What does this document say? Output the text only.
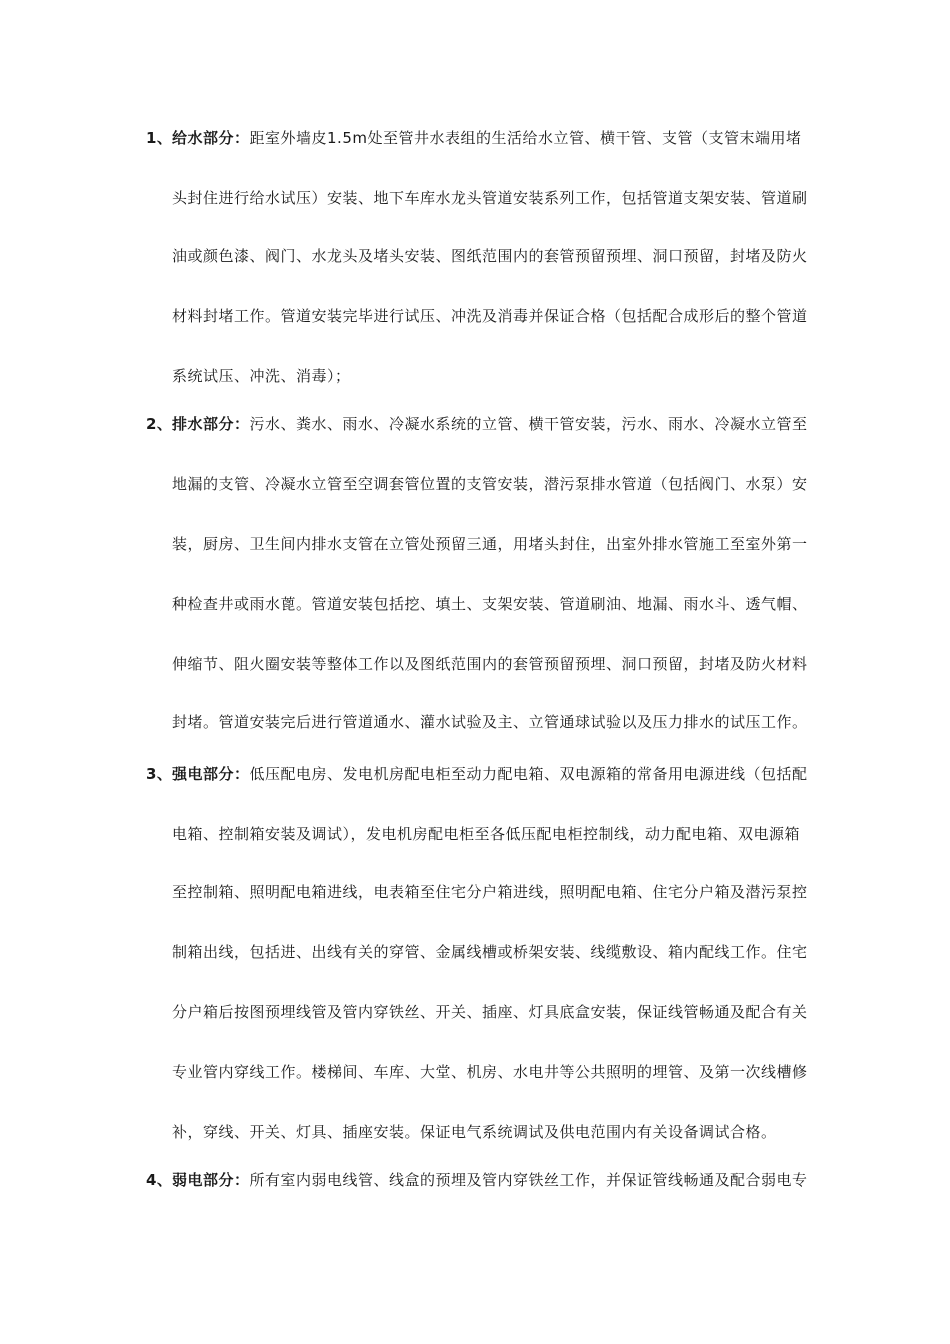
1、 给水部分：距室外墙皮1.5m处至管井水表组的生活给水立管、横干管、支管（支管末端用堵
头封住进行给水试压）安装、地下车库水龙头管道安装系列工作，包括管道支架安装、管道刷
油或颜色漆、阀门、水龙头及堵头安装、图纸范围内的套管预留预埋、洞口预留，封堵及防火
材料封堵工作。管道安装完毕进行试压、冲洗及消毒并保证合格（包括配合成形后的整个管道
系统试压、冲洗、消毒）；
2、 排水部分：污水、粪水、雨水、冷凝水系统的立管、横干管安装，污水、雨水、冷凝水立管至
地漏的支管、冷凝水立管至空调套管位置的支管安装，潜污泵排水管道（包括阀门、水泵）安
装，厨房、卫生间内排水支管在立管处预留三通，用堵头封住，出室外排水管施工至室外第一
种检查井或雨水蓖。管道安装包括挖、填土、支架安装、管道刷油、地漏、雨水斗、透气帽、
伸缩节、阻火圈安装等整体工作以及图纸范围内的套管预留预埋、洞口预留，封堵及防火材料
封堵。管道安装完后进行管道通水、灌水试验及主、立管通球试验以及压力排水的试压工作。
3、 强电部分：低压配电房、发电机房配电柜至动力配电箱、双电源箱的常备用电源进线（包括配
电箱、控制箱安装及调试），发电机房配电柜至各低压配电柜控制线，动力配电箱、双电源箱
至控制箱、照明配电箱进线，电表箱至住宅分户箱进线，照明配电箱、住宅分户箱及潜污泵控
制箱出线，包括进、出线有关的穿管、金属线槽或桥架安装、线缆敷设、箱内配线工作。住宅
分户箱后按图预埋线管及管内穿铁丝、开关、插座、灯具底盒安装，保证线管畅通及配合有关
专业管内穿线工作。楼梯间、车库、大堂、机房、水电井等公共照明的埋管、及第一次线槽修
补，穿线、开关、灯具、插座安装。保证电气系统调试及供电范围内有关设备调试合格。
4、 弱电部分：所有室内弱电线管、线盒的预埋及管内穿铁丝工作，并保证管线畅通及配合弱电专
